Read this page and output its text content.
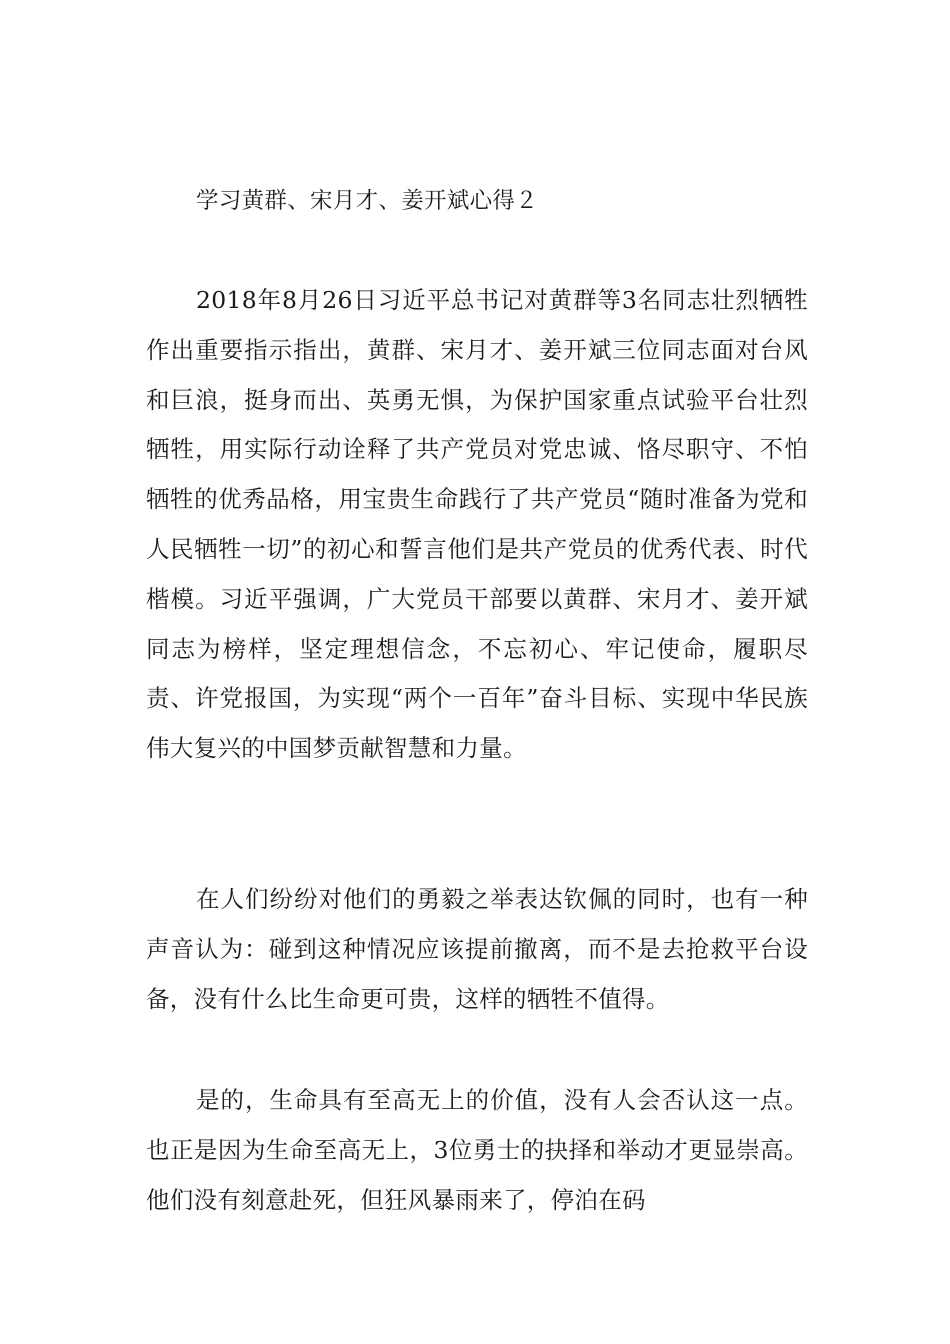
学习黄群、宋月才、姜开斌心得２

2018年8月26日习近平总书记对黄群等3名同志壮烈牺牲作出重要指示指出，黄群、宋月才、姜开斌三位同志面对台风和巨浪，挺身而出、英勇无惧，为保护国家重点试验平台壮烈牺牲，用实际行动诠释了共产党员对党忠诚、恪尽职守、不怕牺牲的优秀品格，用宝贵生命践行了共产党员“随时准备为党和人民牺牲一切”的初心和誓言他们是共产党员的优秀代表、时代楷模。习近平强调，广大党员干部要以黄群、宋月才、姜开斌同志为榜样，坚定理想信念，不忘初心、牢记使命，履职尽责、许党报国，为实现“两个一百年”奋斗目标、实现中华民族伟大复兴的中国梦贡献智慧和力量。

在人们纷纷对他们的勇毅之举表达钦佩的同时，也有一种声音认为：碰到这种情况应该提前撤离，而不是去抢救平台设备，没有什么比生命更可贵，这样的牺牲不值得。

是的，生命具有至高无上的价值，没有人会否认这一点。也正是因为生命至高无上，3位勇士的抉择和举动才更显崇高。他们没有刻意赴死，但狂风暴雨来了，停泊在码
